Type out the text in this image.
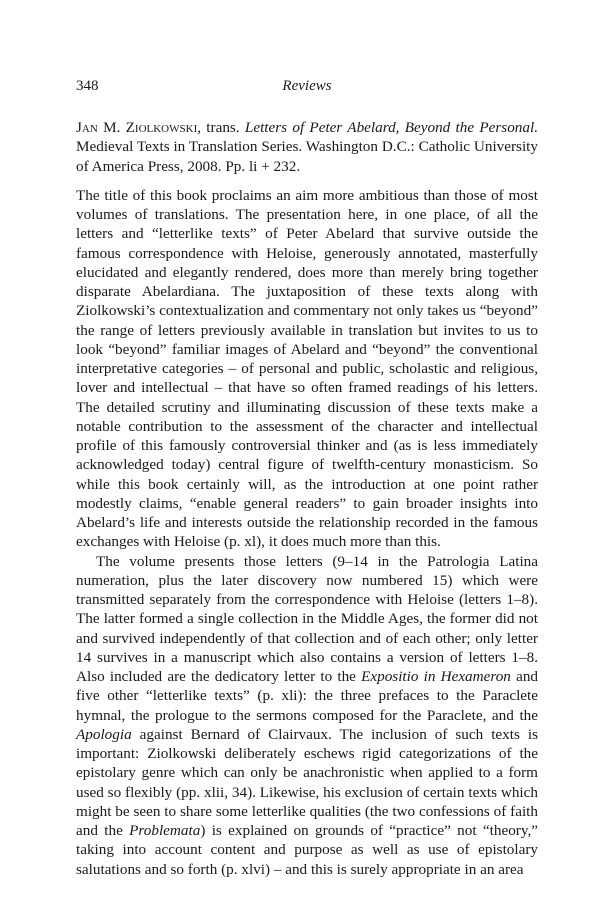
348	Reviews

Jan M. Ziolkowski, trans. Letters of Peter Abelard, Beyond the Personal. Medieval Texts in Translation Series. Washington D.C.: Catholic University of America Press, 2008. Pp. li + 232.

The title of this book proclaims an aim more ambitious than those of most volumes of translations. The presentation here, in one place, of all the letters and “letterlike texts” of Peter Abelard that survive outside the famous correspondence with Heloise, generously annotated, masterfully elucidated and elegantly rendered, does more than merely bring together disparate Abelardiana. The juxtaposition of these texts along with Ziolkowski’s contextualization and commentary not only takes us “beyond” the range of letters previously available in translation but invites to us to look “beyond” familiar images of Abelard and “beyond” the conventional interpretative categories – of personal and public, scholastic and religious, lover and intellectual – that have so often framed readings of his letters. The detailed scrutiny and illuminating discussion of these texts make a notable contribution to the assessment of the character and intellectual profile of this famously controversial thinker and (as is less immediately acknowledged today) central figure of twelfth-century monasticism. So while this book certainly will, as the introduction at one point rather modestly claims, “enable general readers” to gain broader insights into Abelard’s life and interests outside the relationship recorded in the famous exchanges with Heloise (p. xl), it does much more than this.

The volume presents those letters (9–14 in the Patrologia Latina numeration, plus the later discovery now numbered 15) which were transmitted separately from the correspondence with Heloise (letters 1–8). The latter formed a single collection in the Middle Ages, the former did not and survived independently of that collection and of each other; only letter 14 survives in a manuscript which also contains a version of letters 1–8. Also included are the dedicatory letter to the Expositio in Hexameron and five other “letterlike texts” (p. xli): the three prefaces to the Paraclete hymnal, the prologue to the sermons composed for the Paraclete, and the Apologia against Bernard of Clairvaux. The inclusion of such texts is important: Ziolkowski deliberately eschews rigid categorizations of the epistolary genre which can only be anachronistic when applied to a form used so flexibly (pp. xlii, 34). Likewise, his exclusion of certain texts which might be seen to share some letterlike qualities (the two confessions of faith and the Problemata) is explained on grounds of “practice” not “theory,” taking into account content and purpose as well as use of epistolary salutations and so forth (p. xlvi) – and this is surely appropriate in an area
